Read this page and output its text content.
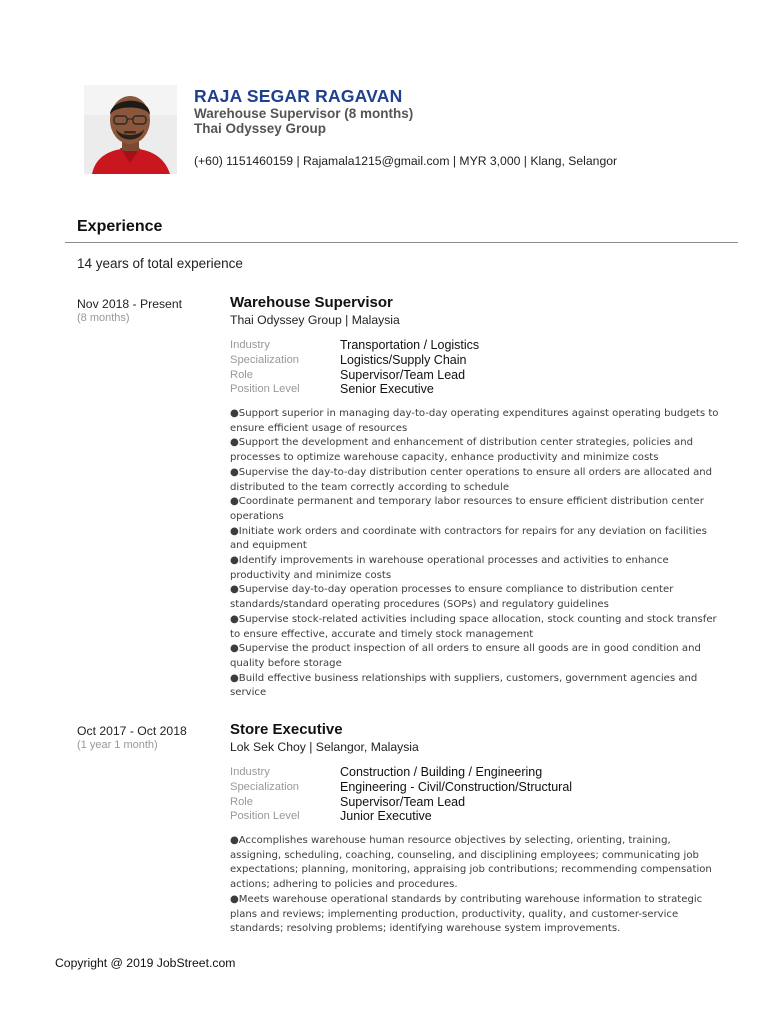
RAJA SEGAR RAGAVAN
Warehouse Supervisor (8 months)
Thai Odyssey Group
(+60) 1151460159 | Rajamala1215@gmail.com | MYR 3,000 | Klang, Selangor
Experience
14 years of total experience
Nov 2018 - Present
(8 months)
Warehouse Supervisor
Thai Odyssey Group | Malaysia
Industry	Transportation / Logistics
Specialization	Logistics/Supply Chain
Role	Supervisor/Team Lead
Position Level	Senior Executive

●Support superior in managing day-to-day operating expenditures against operating budgets to

ensure efficient usage of resources

●Support the development and enhancement of distribution center strategies, policies and

processes to optimize warehouse capacity, enhance productivity and minimize costs

●Supervise the day-to-day distribution center operations to ensure all orders are allocated and

distributed to the team correctly according to schedule

●Coordinate permanent and temporary labor resources to ensure efficient distribution center

operations

●Initiate work orders and coordinate with contractors for repairs for any deviation on facilities

and equipment

●Identify improvements in warehouse operational processes and activities to enhance

productivity and minimize costs

●Supervise day-to-day operation processes to ensure compliance to distribution center

standards/standard operating procedures (SOPs) and regulatory guidelines

●Supervise stock-related activities including space allocation, stock counting and stock transfer

to ensure effective, accurate and timely stock management

●Supervise the product inspection of all orders to ensure all goods are in good condition and

quality before storage

●Build effective business relationships with suppliers, customers, government agencies and

service

Oct 2017 - Oct 2018
(1 year 1 month)
Store Executive
Lok Sek Choy | Selangor, Malaysia
Industry	Construction / Building / Engineering
Specialization	Engineering - Civil/Construction/Structural
Role	Supervisor/Team Lead
Position Level	Junior Executive

●Accomplishes warehouse human resource objectives by selecting, orienting, training,

assigning, scheduling, coaching, counseling, and disciplining employees; communicating job

expectations; planning, monitoring, appraising job contributions; recommending compensation

actions; adhering to policies and procedures.

●Meets warehouse operational standards by contributing warehouse information to strategic

plans and reviews; implementing production, productivity, quality, and customer-service

standards; resolving problems; identifying warehouse system improvements.

Copyright @ 2019 JobStreet.com
